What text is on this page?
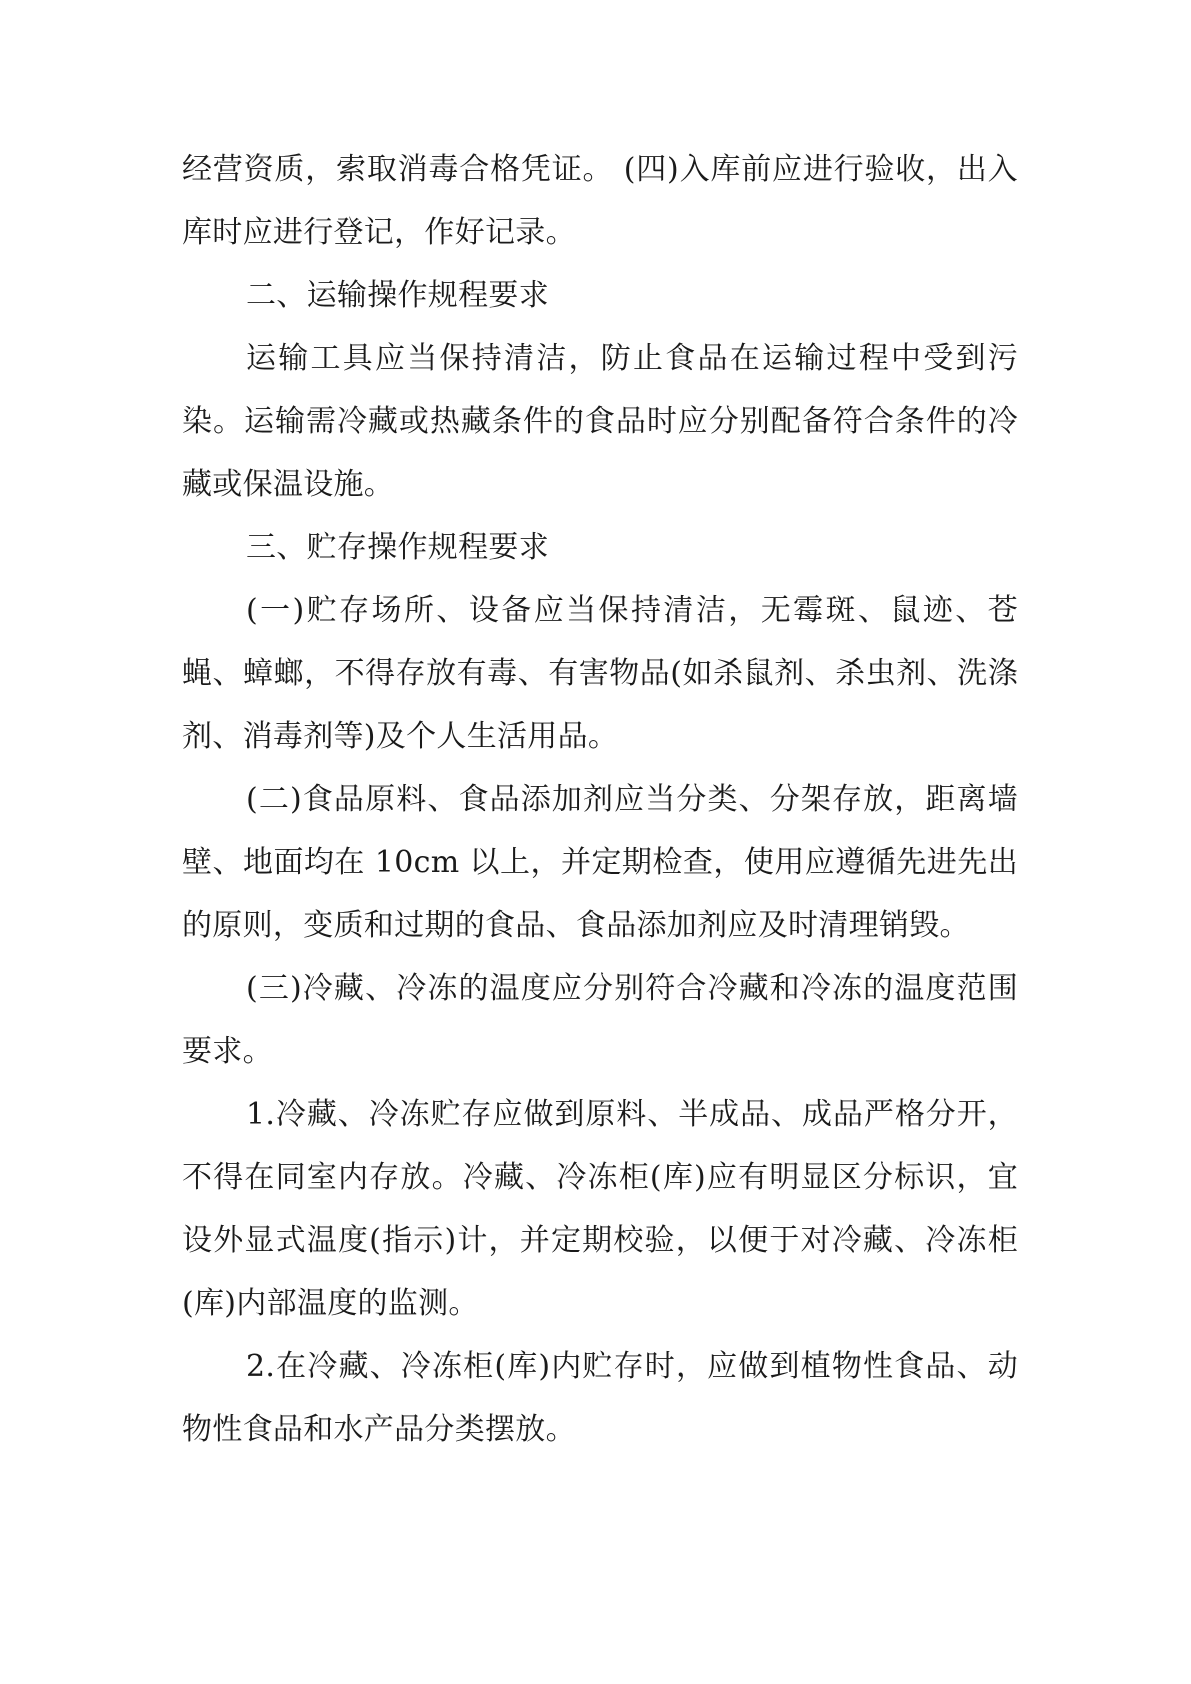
经营资质，索取消毒合格凭证。 (四)入库前应进行验收，出入库时应进行登记，作好记录。

二、运输操作规程要求

运输工具应当保持清洁，防止食品在运输过程中受到污染。运输需冷藏或热藏条件的食品时应分别配备符合条件的冷藏或保温设施。

三、贮存操作规程要求

(一)贮存场所、设备应当保持清洁，无霉斑、鼠迹、苍蝇、蟑螂，不得存放有毒、有害物品(如杀鼠剂、杀虫剂、洗涤剂、消毒剂等)及个人生活用品。

(二)食品原料、食品添加剂应当分类、分架存放，距离墙壁、地面均在 10cm 以上，并定期检查，使用应遵循先进先出的原则，变质和过期的食品、食品添加剂应及时清理销毁。

(三)冷藏、冷冻的温度应分别符合冷藏和冷冻的温度范围要求。

1.冷藏、冷冻贮存应做到原料、半成品、成品严格分开，不得在同室内存放。冷藏、冷冻柜(库)应有明显区分标识，宜设外显式温度(指示)计，并定期校验，以便于对冷藏、冷冻柜(库)内部温度的监测。

2.在冷藏、冷冻柜(库)内贮存时，应做到植物性食品、动物性食品和水产品分类摆放。
